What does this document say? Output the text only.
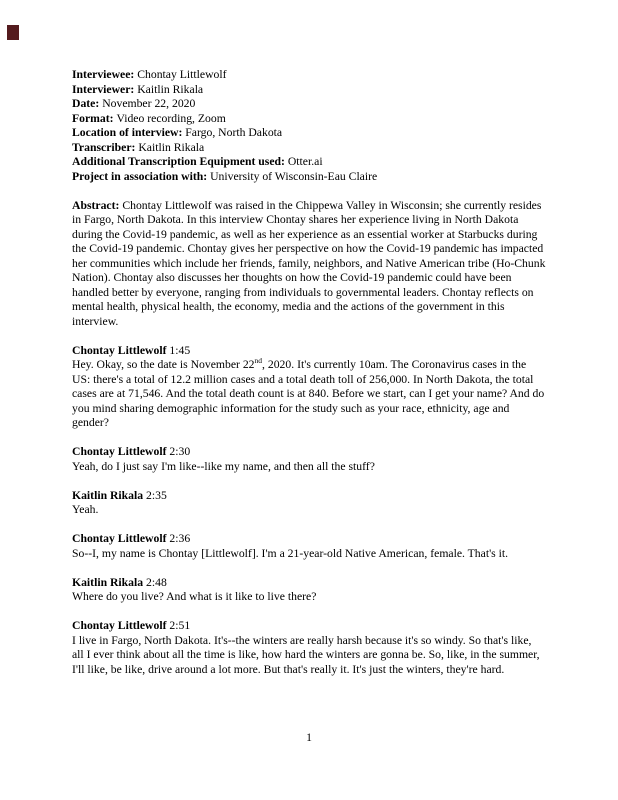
Interviewee: Chontay Littlewolf
Interviewer: Kaitlin Rikala
Date: November 22, 2020
Format: Video recording, Zoom
Location of interview: Fargo, North Dakota
Transcriber: Kaitlin Rikala
Additional Transcription Equipment used: Otter.ai
Project in association with: University of Wisconsin-Eau Claire

Abstract: Chontay Littlewolf was raised in the Chippewa Valley in Wisconsin; she currently resides in Fargo, North Dakota. In this interview Chontay shares her experience living in North Dakota during the Covid-19 pandemic, as well as her experience as an essential worker at Starbucks during the Covid-19 pandemic. Chontay gives her perspective on how the Covid-19 pandemic has impacted her communities which include her friends, family, neighbors, and Native American tribe (Ho-Chunk Nation). Chontay also discusses her thoughts on how the Covid-19 pandemic could have been handled better by everyone, ranging from individuals to governmental leaders. Chontay reflects on mental health, physical health, the economy, media and the actions of the government in this interview.

Chontay Littlewolf 1:45
Hey. Okay, so the date is November 22nd, 2020. It's currently 10am. The Coronavirus cases in the US: there's a total of 12.2 million cases and a total death toll of 256,000. In North Dakota, the total cases are at 71,546. And the total death count is at 840. Before we start, can I get your name? And do you mind sharing demographic information for the study such as your race, ethnicity, age and gender?
Chontay Littlewolf 2:30
Yeah, do I just say I'm like--like my name, and then all the stuff?
Kaitlin Rikala 2:35
Yeah.
Chontay Littlewolf 2:36
So--I, my name is Chontay [Littlewolf]. I'm a 21-year-old Native American, female. That's it.
Kaitlin Rikala 2:48
Where do you live? And what is it like to live there?
Chontay Littlewolf 2:51
I live in Fargo, North Dakota. It's--the winters are really harsh because it's so windy. So that's like, all I ever think about all the time is like, how hard the winters are gonna be. So, like, in the summer, I'll like, be like, drive around a lot more. But that's really it. It's just the winters, they're hard.
1
